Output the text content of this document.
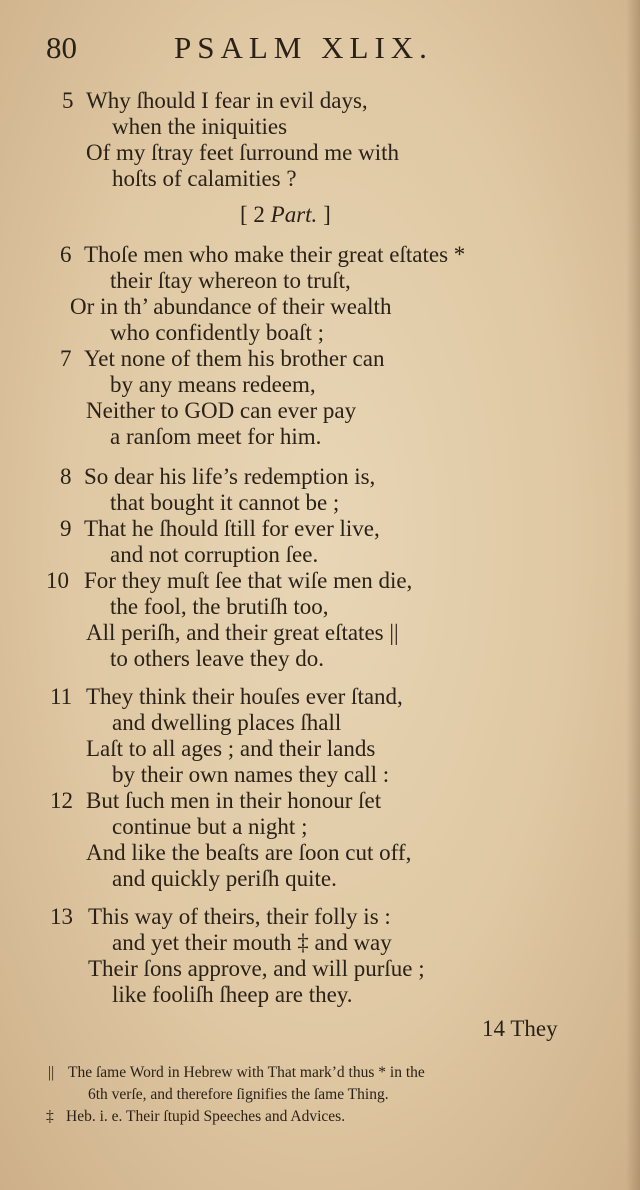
80	PSALM XLIX.
5 Why ſhould I fear in evil days,
when the iniquities
Of my ſtray feet ſurround me with
hoſts of calamities ?
[ 2 Part. ]
6 Thoſe men who make their great eſtates *
their ſtay whereon to truſt,
Or in th’ abundance of their wealth
who confidently boaſt ;
7 Yet none of them his brother can
by any means redeem,
Neither to GOD can ever pay
a ranſom meet for him.
8 So dear his life’s redemption is,
that bought it cannot be ;
9 That he ſhould ſtill for ever live,
and not corruption ſee.
10 For they muſt ſee that wiſe men die,
the fool, the brutiſh too,
All periſh, and their great eſtates ||
to others leave they do.
11 They think their houſes ever ſtand,
and dwelling places ſhall
Laſt to all ages ; and their lands
by their own names they call :
12 But ſuch men in their honour ſet
continue but a night ;
And like the beaſts are ſoon cut off,
and quickly periſh quite.
13 This way of theirs, their folly is :
and yet their mouth ‡ and way
Their ſons approve, and will purſue ;
like fooliſh ſheep are they.
14 They
|| The ſame Word in Hebrew with That mark’d thus * in the
6th verſe, and therefore ſignifies the ſame Thing.
‡ Heb. i. e. Their ſtupid Speeches and Advices.
